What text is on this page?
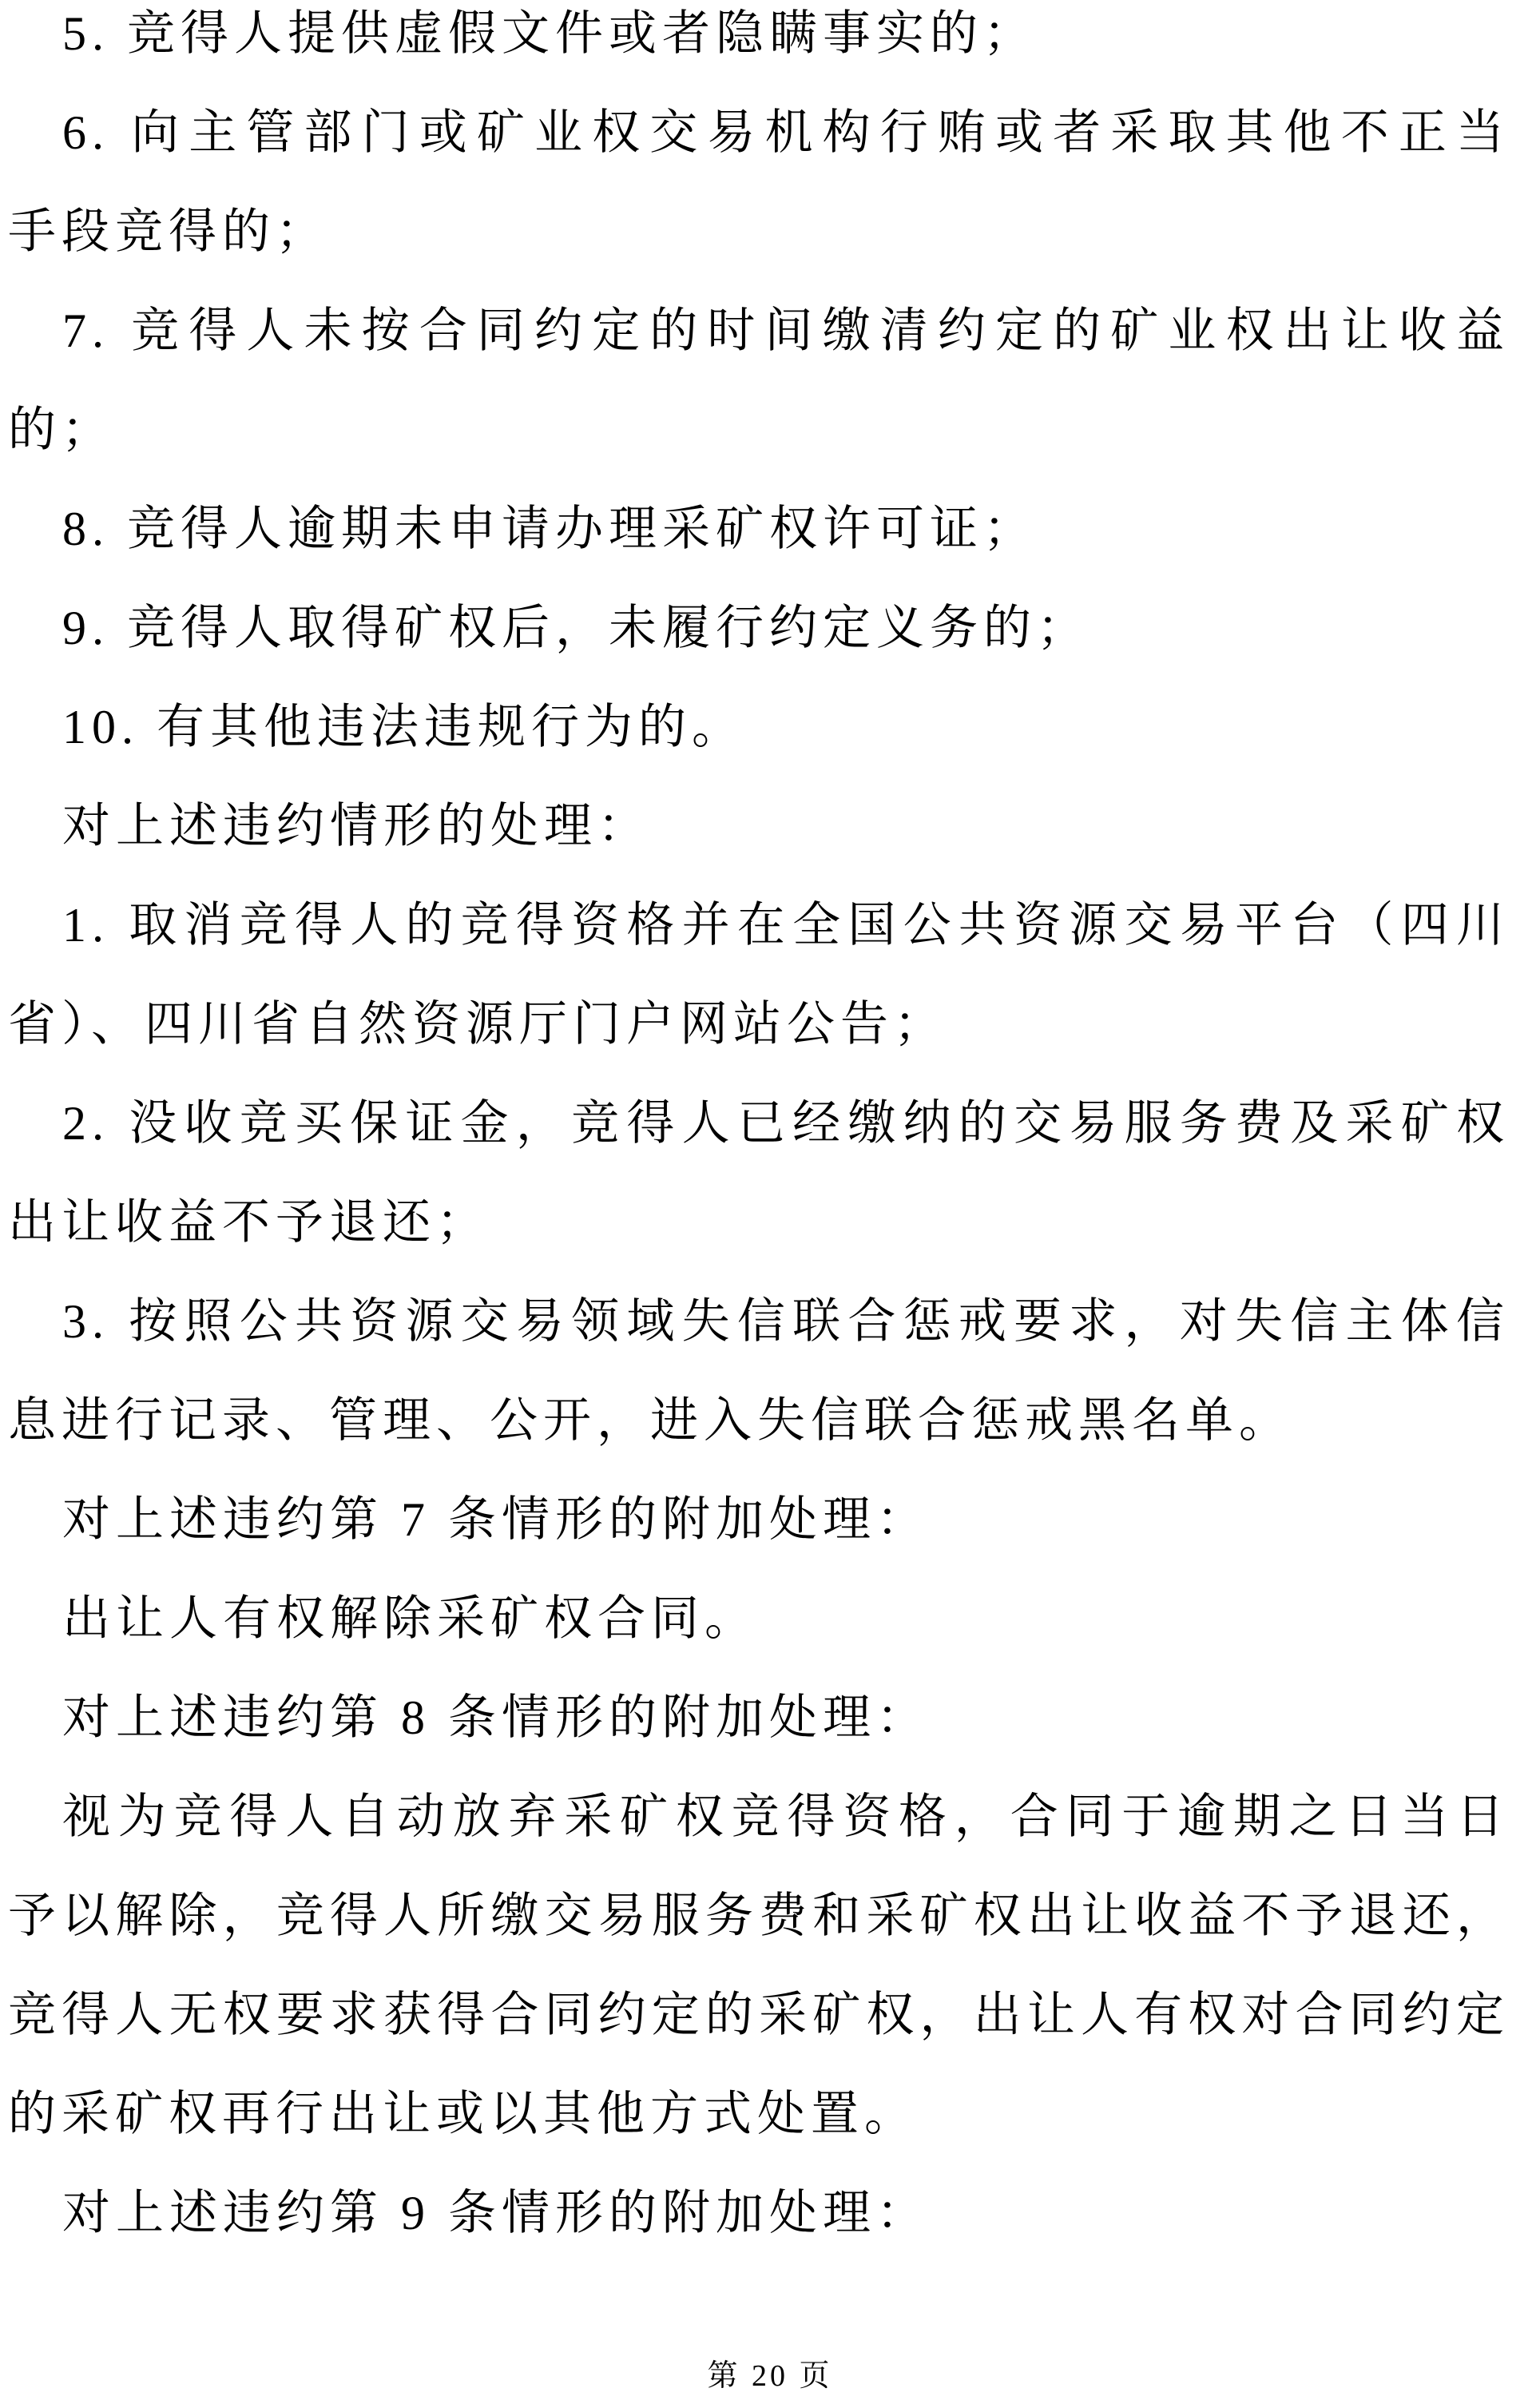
5. 竞得人提供虚假文件或者隐瞒事实的；

6. 向主管部门或矿业权交易机构行贿或者采取其他不正当

手段竞得的；

7. 竞得人未按合同约定的时间缴清约定的矿业权出让收益

的；

8. 竞得人逾期未申请办理采矿权许可证；

9. 竞得人取得矿权后，未履行约定义务的；

10. 有其他违法违规行为的。

对上述违约情形的处理：

1. 取消竞得人的竞得资格并在全国公共资源交易平台（四川

省）、四川省自然资源厅门户网站公告；

2. 没收竞买保证金，竞得人已经缴纳的交易服务费及采矿权

出让收益不予退还；

3. 按照公共资源交易领域失信联合惩戒要求，对失信主体信

息进行记录、管理、公开，进入失信联合惩戒黑名单。

对上述违约第 7 条情形的附加处理：

出让人有权解除采矿权合同。

对上述违约第 8 条情形的附加处理：

视为竞得人自动放弃采矿权竞得资格，合同于逾期之日当日

予以解除，竞得人所缴交易服务费和采矿权出让收益不予退还，

竞得人无权要求获得合同约定的采矿权，出让人有权对合同约定

的采矿权再行出让或以其他方式处置。

对上述违约第 9 条情形的附加处理：

第 20 页
